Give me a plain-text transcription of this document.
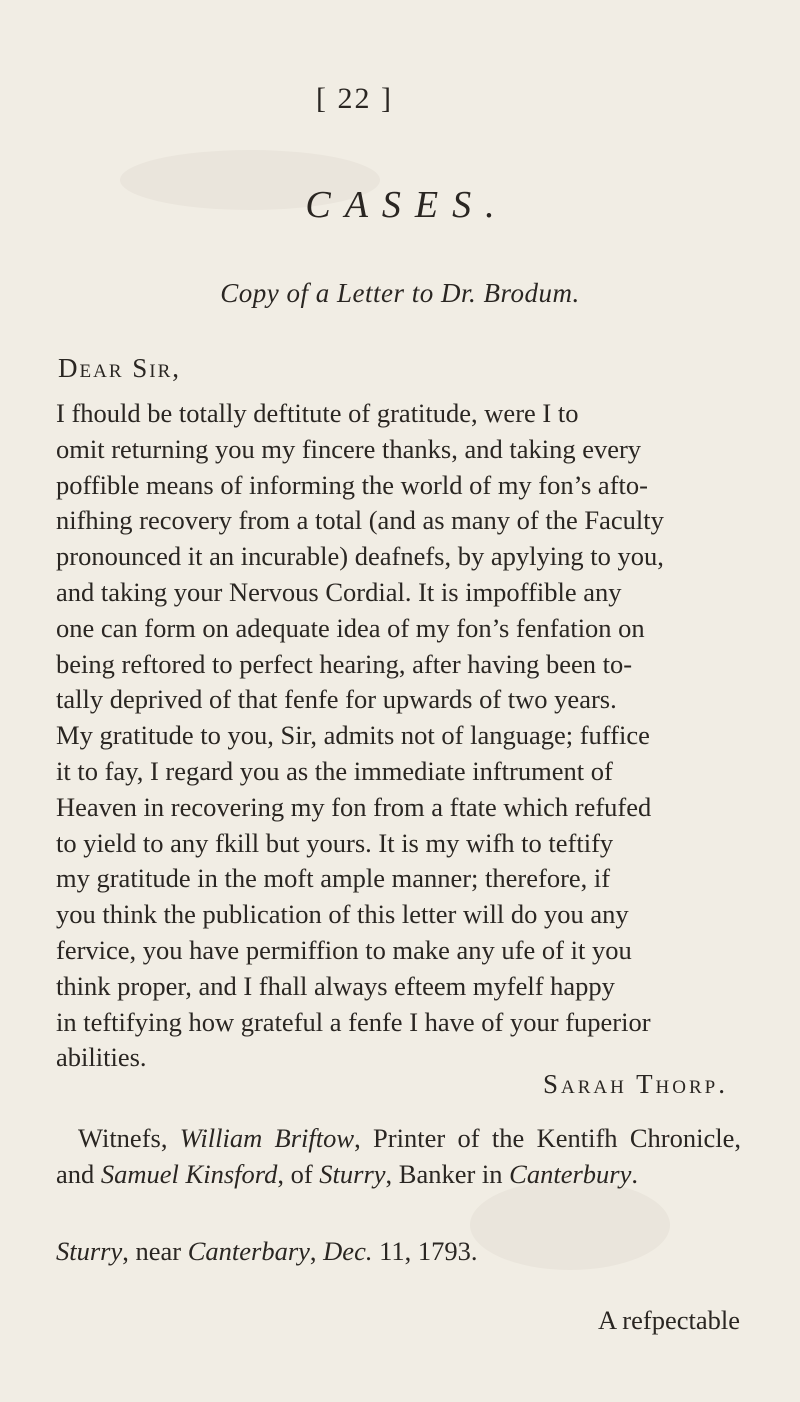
[ 22 ]
CASES.
Copy of a Letter to Dr. Brodum.
Dear Sir,
I fhould be totally deftitute of gratitude, were I to
omit returning you my fincere thanks, and taking every
poffible means of informing the world of my fon’s afto-
nifhing recovery from a total (and as many of the Faculty
pronounced it an incurable) deafnefs, by apylying to you,
and taking your Nervous Cordial. It is impoffible any
one can form on adequate idea of my fon’s fenfation on
being reftored to perfect hearing, after having been to-
tally deprived of that fenfe for upwards of two years.
My gratitude to you, Sir, admits not of language; fuffice
it to fay, I regard you as the immediate inftrument of
Heaven in recovering my fon from a ftate which refufed
to yield to any fkill but yours. It is my wifh to teftify
my gratitude in the moft ample manner; therefore, if
you think the publication of this letter will do you any
fervice, you have permiffion to make any ufe of it you
think proper, and I fhall always efteem myfelf happy
in teftifying how grateful a fenfe I have of your fuperior
abilities.
Sarah Thorp.
Witnefs, William Briftow, Printer of the Kentifh Chronicle, and Samuel Kinsford, of Sturry, Banker in Canterbury.
Sturry, near Canterbary, Dec. 11, 1793.
A refpectable
